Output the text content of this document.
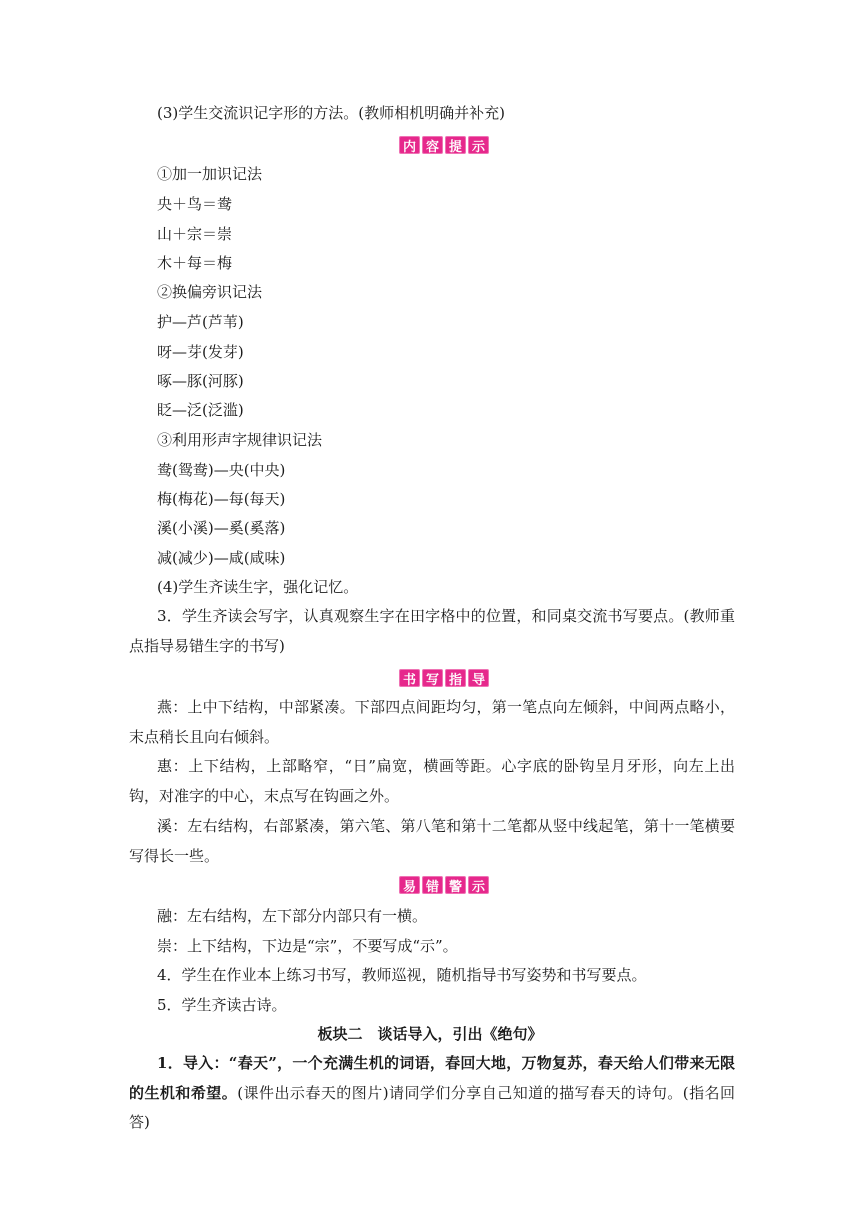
(3)学生交流识记字形的方法。(教师相机明确并补充)
内 容 提 示
①加一加识记法
央＋鸟＝鸯
山＋宗＝崇
木＋每＝梅
②换偏旁识记法
护—芦(芦苇)
呀—芽(发芽)
啄—豚(河豚)
眨—泛(泛滥)
③利用形声字规律识记法
鸯(鸳鸯)—央(中央)
梅(梅花)—每(每天)
溪(小溪)—奚(奚落)
减(减少)—咸(咸味)
(4)学生齐读生字，强化记忆。
3．学生齐读会写字，认真观察生字在田字格中的位置，和同桌交流书写要点。(教师重点指导易错生字的书写)
书 写 指 导
燕：上中下结构，中部紧凑。下部四点间距均匀，第一笔点向左倾斜，中间两点略小，末点稍长且向右倾斜。
惠：上下结构，上部略窄，“日”扁宽，横画等距。心字底的卧钩呈月牙形，向左上出钩，对准字的中心，末点写在钩画之外。
溪：左右结构，右部紧凑，第六笔、第八笔和第十二笔都从竖中线起笔，第十一笔横要写得长一些。
易 错 警 示
融：左右结构，左下部分内部只有一横。
崇：上下结构，下边是“宗”，不要写成“示”。
4．学生在作业本上练习书写，教师巡视，随机指导书写姿势和书写要点。
5．学生齐读古诗。
板块二　谈话导入，引出《绝句》
1．导入：“春天”，一个充满生机的词语，春回大地，万物复苏，春天给人们带来无限的生机和希望。(课件出示春天的图片)请同学们分享自己知道的描写春天的诗句。(指名回答)
